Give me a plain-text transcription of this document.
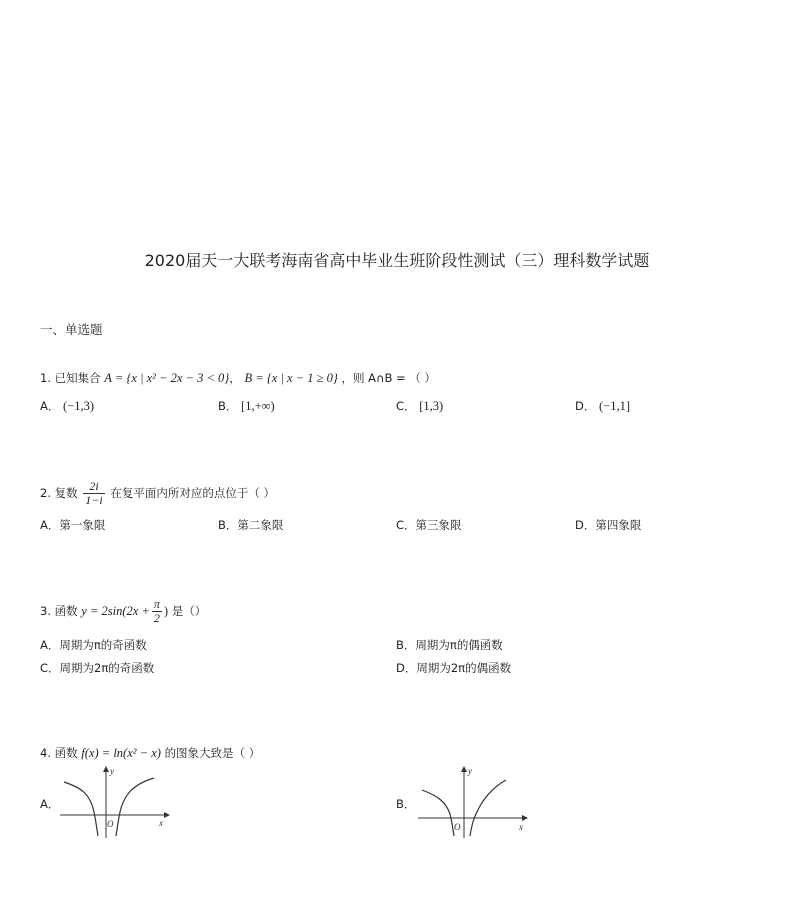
2020届天一大联考海南省高中毕业生班阶段性测试（三）理科数学试题
一、单选题
1. 已知集合 A = {x | x² − 2x − 3 < 0}， B = {x | x − 1 ≥ 0} ，则 A∩B = （ ）
A． (−1,3)	B． [1,+∞)	C． [1,3)	D． (−1,1]
2. 复数 $\frac{2i}{1-i}$ 在复平面内所对应的点位于（ ）
A．第一象限	B．第二象限	C．第三象限	D．第四象限
3. 函数 $y = 2\sin(2x + \frac{\pi}{2}$ ) 是（）
A．周期为π的奇函数	B．周期为π的偶函数
C．周期为2π的奇函数	D．周期为2π的偶函数
4. 函数 f(x) = ln(x² − x) 的图象大致是（ ）
A．
y
x
O
B．
y
x
O
